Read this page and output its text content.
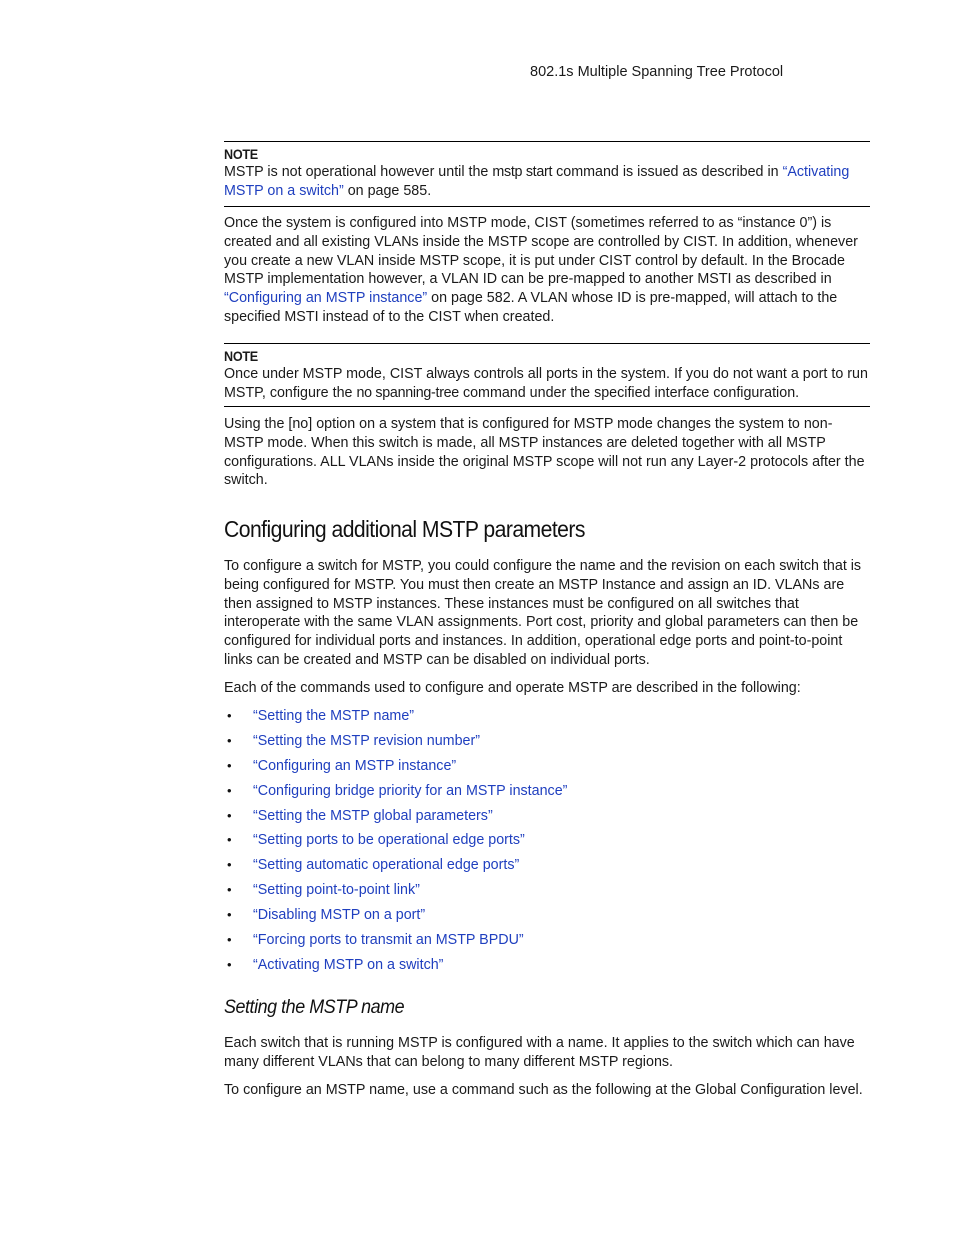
802.1s Multiple Spanning Tree Protocol
NOTE

MSTP is not operational however until the mstp start command is issued as described in “Activating MSTP on a switch” on page 585.

Once the system is configured into MSTP mode, CIST (sometimes referred to as “instance 0”) is created and all existing VLANs inside the MSTP scope are controlled by CIST. In addition, whenever you create a new VLAN inside MSTP scope, it is put under CIST control by default. In the Brocade MSTP implementation however, a VLAN ID can be pre-mapped to another MSTI as described in “Configuring an MSTP instance” on page 582. A VLAN whose ID is pre-mapped, will attach to the specified MSTI instead of to the CIST when created.

NOTE

Once under MSTP mode, CIST always controls all ports in the system. If you do not want a port to run MSTP, configure the no spanning-tree command under the specified interface configuration.

Using the [no] option on a system that is configured for MSTP mode changes the system to non-MSTP mode. When this switch is made, all MSTP instances are deleted together with all MSTP configurations. ALL VLANs inside the original MSTP scope will not run any Layer-2 protocols after the switch.

Configuring additional MSTP parameters

To configure a switch for MSTP, you could configure the name and the revision on each switch that is being configured for MSTP. You must then create an MSTP Instance and assign an ID. VLANs are then assigned to MSTP instances. These instances must be configured on all switches that interoperate with the same VLAN assignments. Port cost, priority and global parameters can then be configured for individual ports and instances. In addition, operational edge ports and point-to-point links can be created and MSTP can be disabled on individual ports.

Each of the commands used to configure and operate MSTP are described in the following:

• “Setting the MSTP name”
• “Setting the MSTP revision number”
• “Configuring an MSTP instance”
• “Configuring bridge priority for an MSTP instance”
• “Setting the MSTP global parameters”
• “Setting ports to be operational edge ports”
• “Setting automatic operational edge ports”
• “Setting point-to-point link”
• “Disabling MSTP on a port”
• “Forcing ports to transmit an MSTP BPDU”
• “Activating MSTP on a switch”
Setting the MSTP name

Each switch that is running MSTP is configured with a name. It applies to the switch which can have many different VLANs that can belong to many different MSTP regions.

To configure an MSTP name, use a command such as the following at the Global Configuration level.
